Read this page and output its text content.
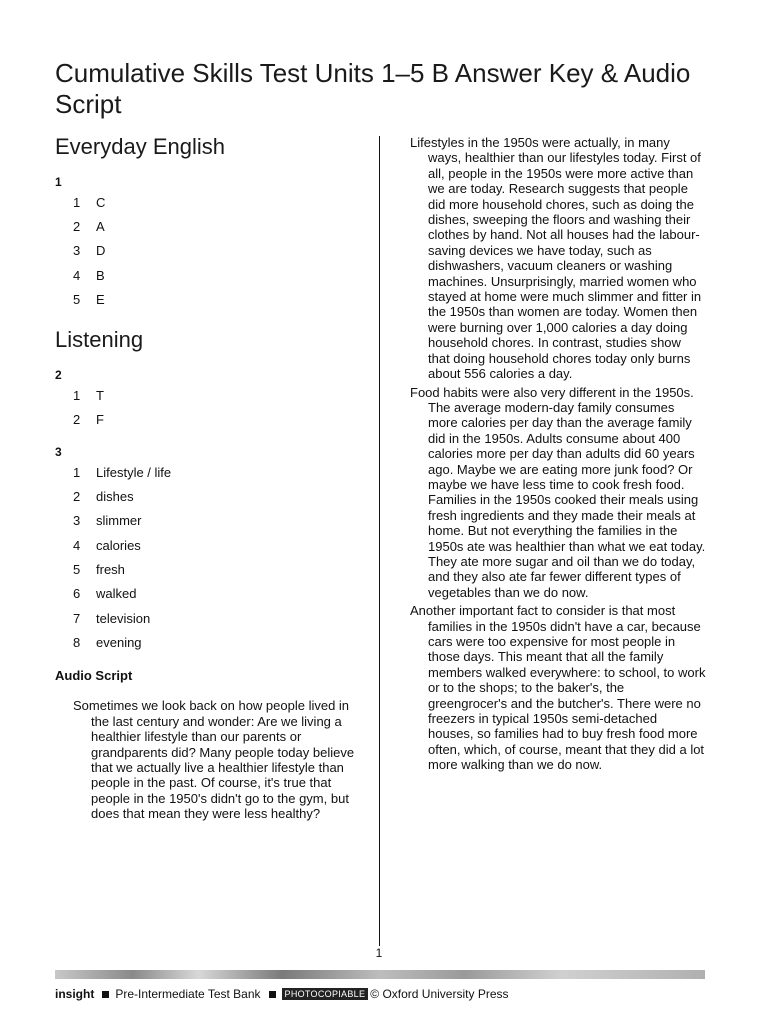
Cumulative Skills Test Units 1–5 B Answer Key & Audio Script
Everyday English
1
1	C
2	A
3	D
4	B
5	E
Listening
2
1	T
2	F
3
1	Lifestyle / life
2	dishes
3	slimmer
4	calories
5	fresh
6	walked
7	television
8	evening
Audio Script

Sometimes we look back on how people lived in the last century and wonder: Are we living a healthier lifestyle than our parents or grandparents did? Many people today believe that we actually live a healthier lifestyle than people in the past. Of course, it's true that people in the 1950's didn't go to the gym, but does that mean they were less healthy?

Lifestyles in the 1950s were actually, in many ways, healthier than our lifestyles today. First of all, people in the 1950s were more active than we are today. Research suggests that people did more household chores, such as doing the dishes, sweeping the floors and washing their clothes by hand. Not all houses had the labour-saving devices we have today, such as dishwashers, vacuum cleaners or washing machines. Unsurprisingly, married women who stayed at home were much slimmer and fitter in the 1950s than women are today. Women then were burning over 1,000 calories a day doing household chores. In contrast, studies show that doing household chores today only burns about 556 calories a day.

Food habits were also very different in the 1950s. The average modern-day family consumes more calories per day than the average family did in the 1950s. Adults consume about 400 calories more per day than adults did 60 years ago. Maybe we are eating more junk food? Or maybe we have less time to cook fresh food. Families in the 1950s cooked their meals using fresh ingredients and they made their meals at home. But not everything the families in the 1950s ate was healthier than what we eat today. They ate more sugar and oil than we do today, and they also ate far fewer different types of vegetables than we do now.

Another important fact to consider is that most families in the 1950s didn't have a car, because cars were too expensive for most people in those days. This meant that all the family members walked everywhere: to school, to work or to the shops; to the baker's, the greengrocer's and the butcher's. There were no freezers in typical 1950s semi-detached houses, so families had to buy fresh food more often, which, of course, meant that they did a lot more walking than we do now.

1
insight Pre-Intermediate Test Bank	PHOTOCOPIABLE © Oxford University Press
